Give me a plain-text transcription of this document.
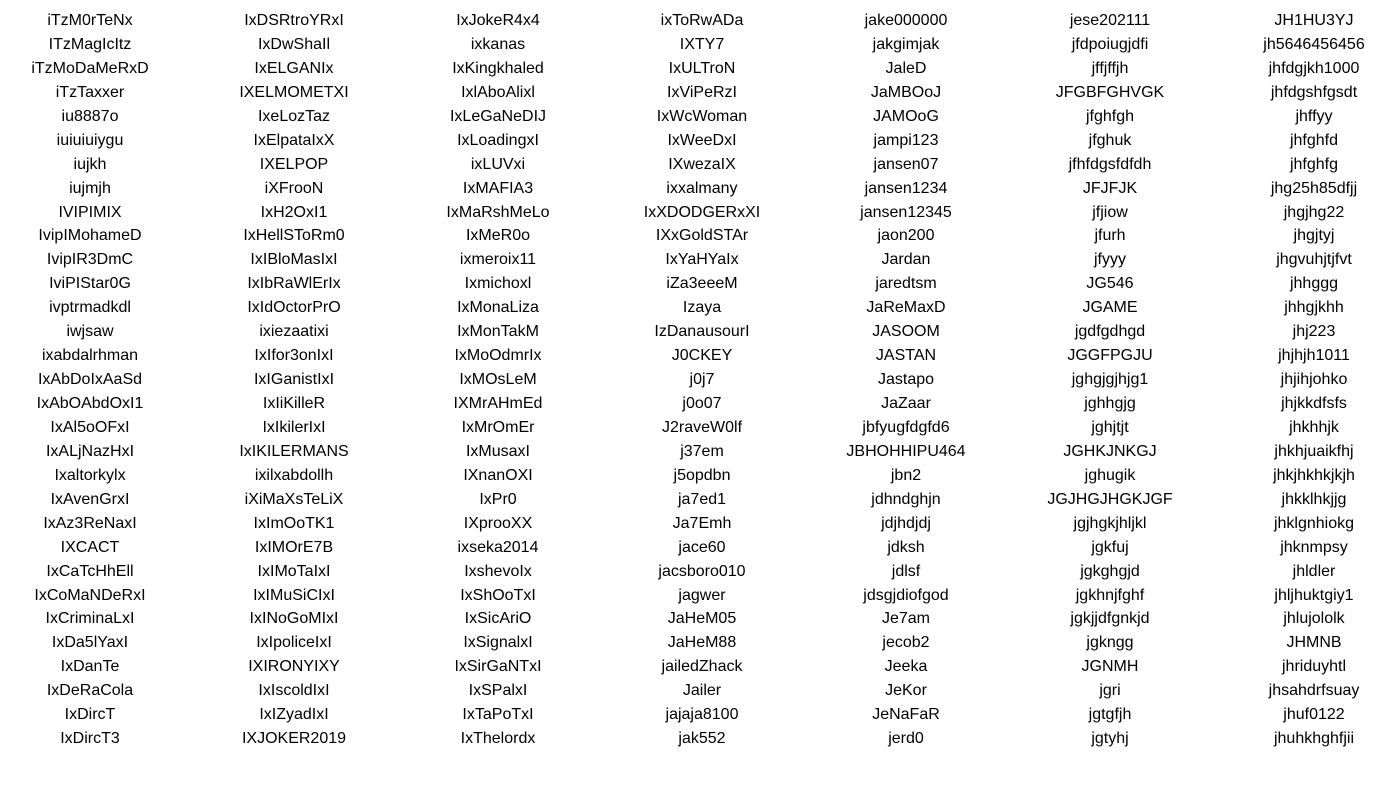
iTzM0rTeNx
ITzMagIcItz
iTzMoDaMeRxD
iTzTaxxer
iu8887o
iuiuiuiygu
iujkh
iujmjh
IVIPIMIX
IvipIMohameD
IvipIR3DmC
IviPIStar0G
ivptrmadkdl
iwjsaw
ixabdalrhman
IxAbDoIxAaSd
IxAbOAbdOxI1
IxAl5oOFxI
IxALjNazHxI
Ixaltorkylx
IxAvenGrxI
IxAz3ReNaxI
IXCACT
IxCaTcHhEll
IxCoMaNDeRxI
IxCriminaLxI
IxDa5lYaxI
IxDanTe
IxDeRaCola
IxDircT
IxDircT3
IxDSRtroYRxI
IxDwShaIl
IxELGANIx
IXELMOMETXI
IxeLozTaz
IxElpataIxX
IXELPOP
iXFrooN
IxH2OxI1
IxHellSToRm0
IxIBloMasIxI
IxIbRaWlErIx
IxIdOctorPrO
ixiezaatixi
IxIfor3onIxI
IxIGanistIxI
IxIiKilleR
IxIkilerIxI
IxIKILERMANS
ixilxabdollh
iXiMaXsTeLiX
IxImOoTK1
IxIMOrE7B
IxIMoTaIxI
IxIMuSiCIxI
IxINoGoMIxI
IxIpoliceIxI
IXIRONYIXY
IxIscoldIxI
IxIZyadIxI
IXJOKER2019
IxJokeR4x4
ixkanas
IxKingkhaled
IxlAboAlixl
IxLeGaNeDIJ
IxLoadingxI
ixLUVxi
IxMAFIA3
IxMaRshMeLo
IxMeR0o
ixmeroix11
Ixmichoxl
IxMonaLiza
IxMonTakM
IxMoOdmrIx
IxMOsLeM
IXMrAHmEd
IxMrOmEr
IxMusaxI
IXnanOXI
IxPr0
IXprooXX
ixseka2014
IxshevoIx
IxShOoTxI
IxSicAriO
IxSignalxI
IxSirGaNTxI
IxSPalxI
IxTaPoTxI
IxThelordx
ixToRwADa
IXTY7
IxULTroN
IxViPeRzI
IxWcWoman
IxWeeDxI
IXwezaIX
ixxalmany
IxXDODGERxXI
IXxGoldSTAr
IxYaHYaIx
iZa3eeeM
Izaya
IzDanausourI
J0CKEY
j0j7
j0o07
J2raveW0lf
j37em
j5opdbn
ja7ed1
Ja7Emh
jace60
jacsboro010
jagwer
JaHeM05
JaHeM88
jailedZhack
Jailer
jajaja8100
jak552
jake000000
jakgimjak
JaleD
JaMBOoJ
JAMOoG
jampi123
jansen07
jansen1234
jansen12345
jaon200
Jardan
jaredtsm
JaReMaxD
JASOOM
JASTAN
Jastapo
JaZaar
jbfyugfdgfd6
JBHOHHIPU464
jbn2
jdhndghjn
jdjhdjdj
jdksh
jdlsf
jdsgjdiofgod
Je7am
jecob2
Jeeka
JeKor
JeNaFaR
jerd0
jese202111
jfdpoiugjdfi
jffjffjh
JFGBFGHVGK
jfghfgh
jfghuk
jfhfdgsfdfdh
JFJFJK
jfjiow
jfurh
jfyyy
JG546
JGAME
jgdfgdhgd
JGGFPGJU
jghgjgjhjg1
jghhgjg
jghjtjt
JGHKJNKGJ
jghugik
JGJHGJHGKJGF
jgjhgkjhljkl
jgkfuj
jgkghgjd
jgkhnjfghf
jgkjjdfgnkjd
jgkngg
JGNMH
jgri
jgtgfjh
jgtyhj
JH1HU3YJ
jh5646456456
jhfdgjkh1000
jhfdgshfgsdt
jhffyy
jhfghfd
jhfghfg
jhg25h85dfjj
jhgjhg22
jhgjtyj
jhgvuhjtjfvt
jhhggg
jhhgjkhh
jhj223
jhjhjh1011
jhjihjohko
jhjkkdfsfs
jhkhhjk
jhkhjuaikfhj
jhkjhkhkjkjh
jhkklhkjjg
jhklgnhiokg
jhknmpsy
jhldler
jhljhuktgiy1
jhlujololk
JHMNB
jhriduyhtl
jhsahdrfsuay
jhuf0122
jhuhkhghfjii
